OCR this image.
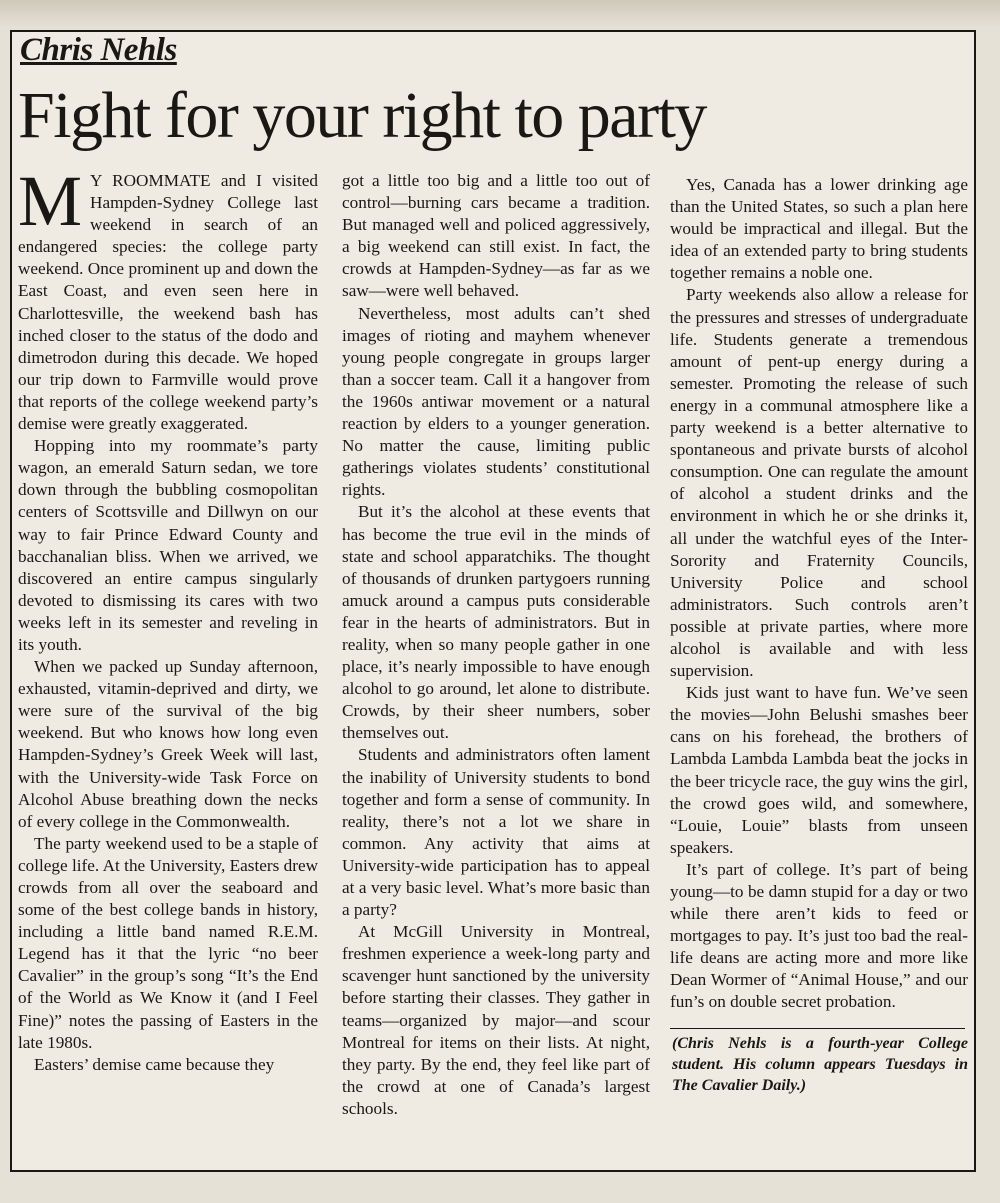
Chris Nehls
Fight for your right to party

M Y ROOMMATE and I visited Hampden-Sydney College last weekend in search of an endangered species: the college party weekend. Once prominent up and down the East Coast, and even seen here in Charlottesville, the weekend bash has inched closer to the status of the dodo and dimetrodon during this decade. We hoped our trip down to Farmville would prove that reports of the college weekend party’s demise were greatly exaggerated.

Hopping into my roommate’s party wagon, an emerald Saturn sedan, we tore down through the bubbling cosmopolitan centers of Scottsville and Dillwyn on our way to fair Prince Edward County and bacchanalian bliss. When we arrived, we discovered an entire campus singularly devoted to dismissing its cares with two weeks left in its semester and reveling in its youth.

When we packed up Sunday afternoon, exhausted, vitamin-deprived and dirty, we were sure of the survival of the big weekend. But who knows how long even Hampden-Sydney’s Greek Week will last, with the University-wide Task Force on Alcohol Abuse breathing down the necks of every college in the Commonwealth.

The party weekend used to be a staple of college life. At the University, Easters drew crowds from all over the seaboard and some of the best college bands in history, including a little band named R.E.M. Legend has it that the lyric “no beer Cavalier” in the group’s song “It’s the End of the World as We Know it (and I Feel Fine)” notes the passing of Easters in the late 1980s.

Easters’ demise came because they

got a little too big and a little too out of control—burning cars became a tradition. But managed well and policed aggressively, a big weekend can still exist. In fact, the crowds at Hampden-Sydney—as far as we saw—were well behaved.

Nevertheless, most adults can’t shed images of rioting and mayhem whenever young people congregate in groups larger than a soccer team. Call it a hangover from the 1960s antiwar movement or a natural reaction by elders to a younger generation. No matter the cause, limiting public gatherings violates students’ constitutional rights.

But it’s the alcohol at these events that has become the true evil in the minds of state and school apparatchiks. The thought of thousands of drunken partygoers running amuck around a campus puts considerable fear in the hearts of administrators. But in reality, when so many people gather in one place, it’s nearly impossible to have enough alcohol to go around, let alone to distribute. Crowds, by their sheer numbers, sober themselves out.

Students and administrators often lament the inability of University students to bond together and form a sense of community. In reality, there’s not a lot we share in common. Any activity that aims at University-wide participation has to appeal at a very basic level. What’s more basic than a party?

At McGill University in Montreal, freshmen experience a week-long party and scavenger hunt sanctioned by the university before starting their classes. They gather in teams—organized by major—and scour Montreal for items on their lists. At night, they party. By the end, they feel like part of the crowd at one of Canada’s largest schools.

Yes, Canada has a lower drinking age than the United States, so such a plan here would be impractical and illegal. But the idea of an extended party to bring students together remains a noble one.

Party weekends also allow a release for the pressures and stresses of undergraduate life. Students generate a tremendous amount of pent-up energy during a semester. Promoting the release of such energy in a communal atmosphere like a party weekend is a better alternative to spontaneous and private bursts of alcohol consumption. One can regulate the amount of alcohol a student drinks and the environment in which he or she drinks it, all under the watchful eyes of the Inter-Sorority and Fraternity Councils, University Police and school administrators. Such controls aren’t possible at private parties, where more alcohol is available and with less supervision.

Kids just want to have fun. We’ve seen the movies—John Belushi smashes beer cans on his forehead, the brothers of Lambda Lambda Lambda beat the jocks in the beer tricycle race, the guy wins the girl, the crowd goes wild, and somewhere, “Louie, Louie” blasts from unseen speakers.

It’s part of college. It’s part of being young—to be damn stupid for a day or two while there aren’t kids to feed or mortgages to pay. It’s just too bad the real-life deans are acting more and more like Dean Wormer of “Animal House,” and our fun’s on double secret probation.

(Chris Nehls is a fourth-year College student. His column appears Tuesdays in The Cavalier Daily.)
